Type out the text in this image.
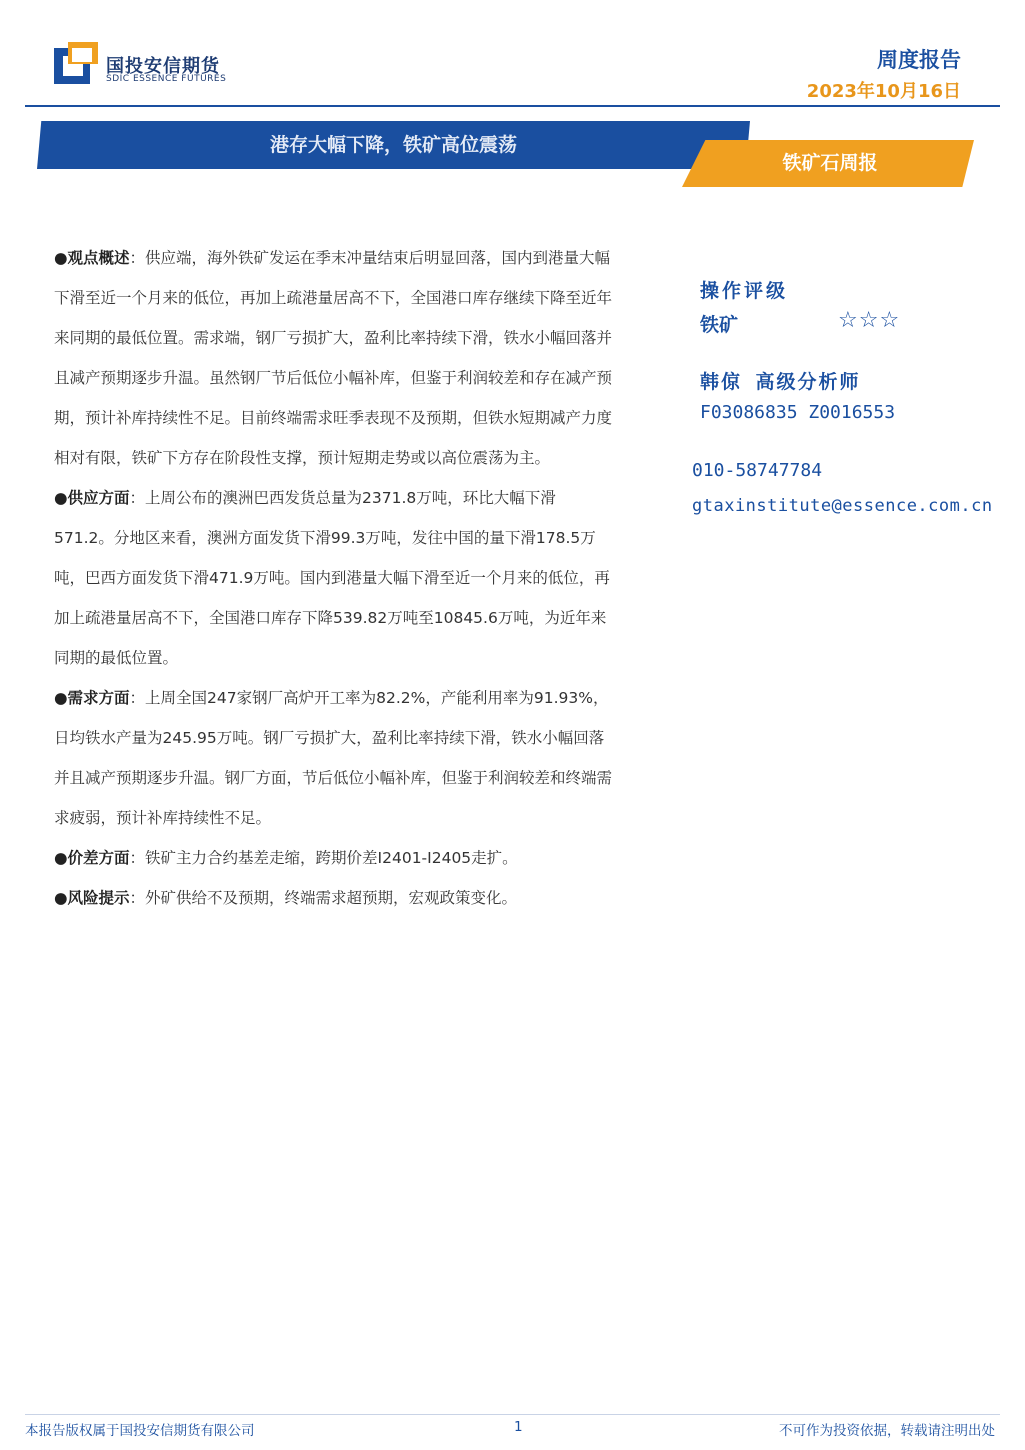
国投安信期货
SDIC ESSENCE FUTURES
周度报告
2023年10月16日
港存大幅下降，铁矿高位震荡
铁矿石周报

●观点概述：供应端，海外铁矿发运在季末冲量结束后明显回落，国内到港量大幅下滑至近一个月来的低位，再加上疏港量居高不下，全国港口库存继续下降至近年来同期的最低位置。需求端，钢厂亏损扩大，盈利比率持续下滑，铁水小幅回落并且减产预期逐步升温。虽然钢厂节后低位小幅补库，但鉴于利润较差和存在减产预期，预计补库持续性不足。目前终端需求旺季表现不及预期，但铁水短期减产力度相对有限，铁矿下方存在阶段性支撑，预计短期走势或以高位震荡为主。

●供应方面：上周公布的澳洲巴西发货总量为2371.8万吨，环比大幅下滑571.2。分地区来看，澳洲方面发货下滑99.3万吨，发往中国的量下滑178.5万吨，巴西方面发货下滑471.9万吨。国内到港量大幅下滑至近一个月来的低位，再加上疏港量居高不下，全国港口库存下降539.82万吨至10845.6万吨，为近年来同期的最低位置。

●需求方面：上周全国247家钢厂高炉开工率为82.2%，产能利用率为91.93%，日均铁水产量为245.95万吨。钢厂亏损扩大，盈利比率持续下滑，铁水小幅回落并且减产预期逐步升温。钢厂方面，节后低位小幅补库，但鉴于利润较差和终端需求疲弱，预计补库持续性不足。

●价差方面：铁矿主力合约基差走缩，跨期价差I2401-I2405走扩。

●风险提示：外矿供给不及预期，终端需求超预期，宏观政策变化。

操作评级
铁矿	☆☆☆
韩倞 高级分析师
F03086835 Z0016553
010-58747784
gtaxinstitute@essence.com.cn
本报告版权属于国投安信期货有限公司	1	不可作为投资依据，转载请注明出处
